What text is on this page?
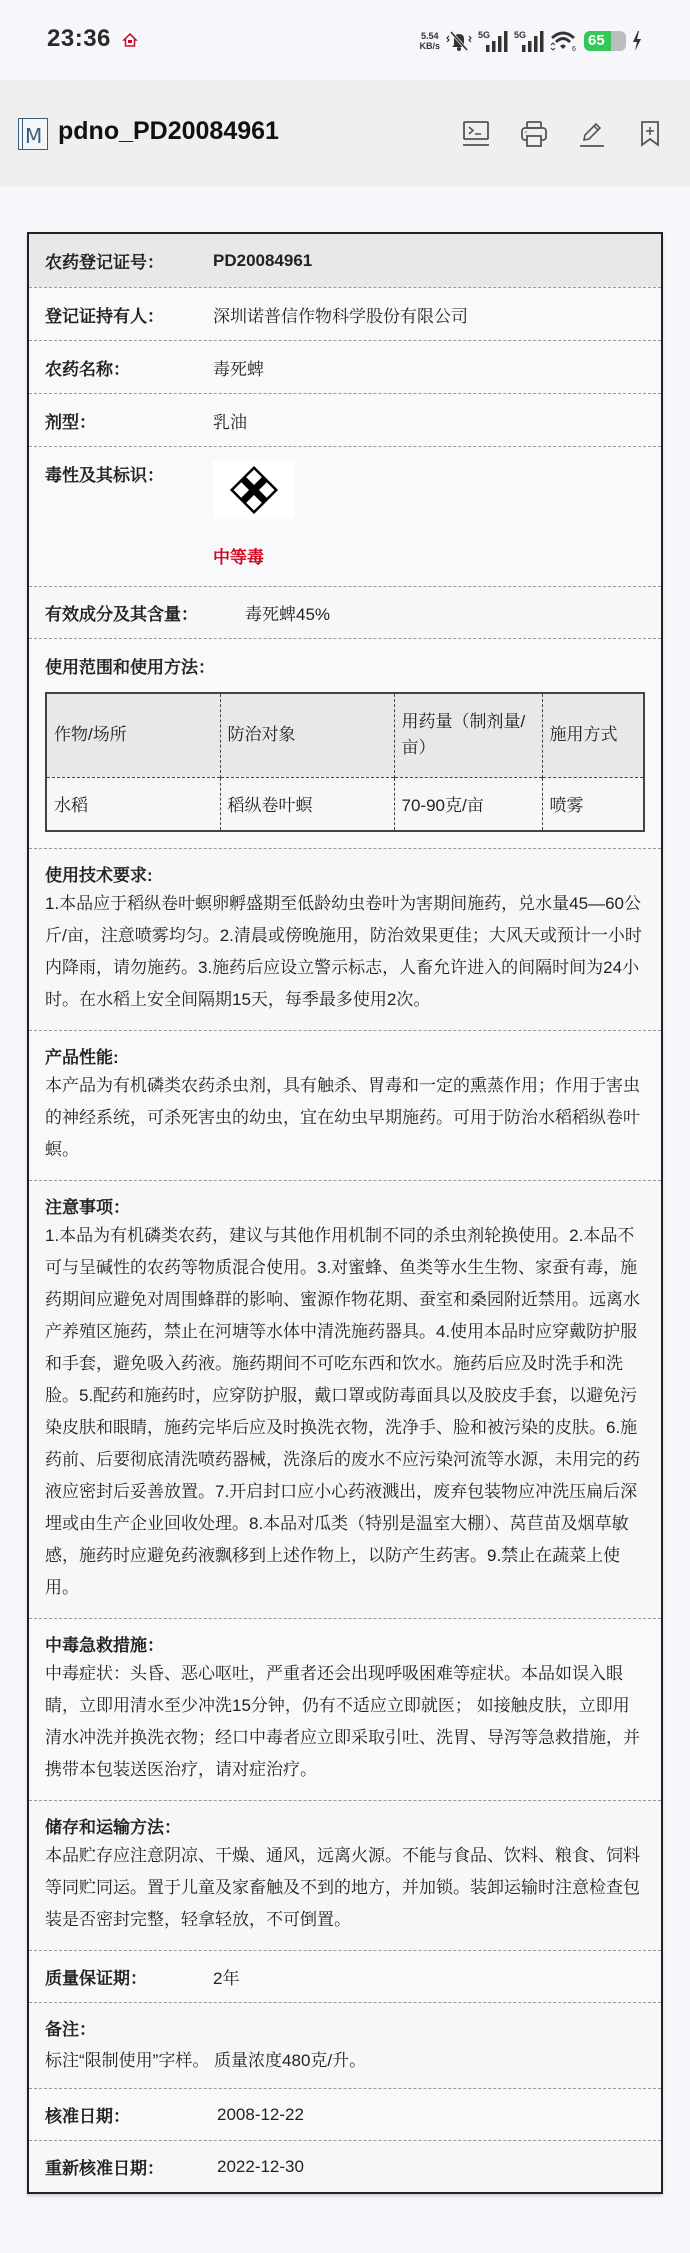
23:36	5.54
KB/s
5G	5G
6
65
M pdno_PD20084961
农药登记证号：	PD20084961
登记证持有人：	深圳诺普信作物科学股份有限公司
农药名称：	毒死蜱
剂型：	乳油
毒性及其标识：
中等毒
有效成分及其含量：	毒死蜱45%
使用范围和使用方法：
作物/场所	防治对象	用药量（制剂量/亩）	施用方式
水稻	稻纵卷叶螟	70-90克/亩	喷雾
使用技术要求:
1.本品应于稻纵卷叶螟卵孵盛期至低龄幼虫卷叶为害期间施药，兑水量45—60公斤/亩，注意喷雾均匀。2.清晨或傍晚施用，防治效果更佳；大风天或预计一小时内降雨，请勿施药。3.施药后应设立警示标志，人畜允许进入的间隔时间为24小时。在水稻上安全间隔期15天，每季最多使用2次。
产品性能:
本产品为有机磷类农药杀虫剂，具有触杀、胃毒和一定的熏蒸作用；作用于害虫的神经系统，可杀死害虫的幼虫，宜在幼虫早期施药。可用于防治水稻稻纵卷叶螟。
注意事项：
1.本品为有机磷类农药，建议与其他作用机制不同的杀虫剂轮换使用。2.本品不可与呈碱性的农药等物质混合使用。3.对蜜蜂、鱼类等水生生物、家蚕有毒，施药期间应避免对周围蜂群的影响、蜜源作物花期、蚕室和桑园附近禁用。远离水产养殖区施药，禁止在河塘等水体中清洗施药器具。4.使用本品时应穿戴防护服和手套，避免吸入药液。施药期间不可吃东西和饮水。施药后应及时洗手和洗脸。5.配药和施药时，应穿防护服，戴口罩或防毒面具以及胶皮手套，以避免污染皮肤和眼睛，施药完毕后应及时换洗衣物，洗净手、脸和被污染的皮肤。6.施药前、后要彻底清洗喷药器械，洗涤后的废水不应污染河流等水源，未用完的药液应密封后妥善放置。7.开启封口应小心药液溅出，废弃包装物应冲洗压扁后深埋或由生产企业回收处理。8.本品对瓜类（特别是温室大棚）、莴苣苗及烟草敏感，施药时应避免药液飘移到上述作物上，以防产生药害。9.禁止在蔬菜上使用。
中毒急救措施：
中毒症状：头昏、恶心呕吐，严重者还会出现呼吸困难等症状。本品如误入眼睛，立即用清水至少冲洗15分钟，仍有不适应立即就医； 如接触皮肤，立即用清水冲洗并换洗衣物；经口中毒者应立即采取引吐、洗胃、导泻等急救措施，并携带本包装送医治疗，请对症治疗。
储存和运输方法：
本品贮存应注意阴凉、干燥、通风，远离火源。不能与食品、饮料、粮食、饲料等同贮同运。置于儿童及家畜触及不到的地方，并加锁。装卸运输时注意检查包装是否密封完整，轻拿轻放，不可倒置。
质量保证期：	2年
备注：
标注“限制使用”字样。 质量浓度480克/升。
核准日期：	2008-12-22
重新核准日期：	2022-12-30
